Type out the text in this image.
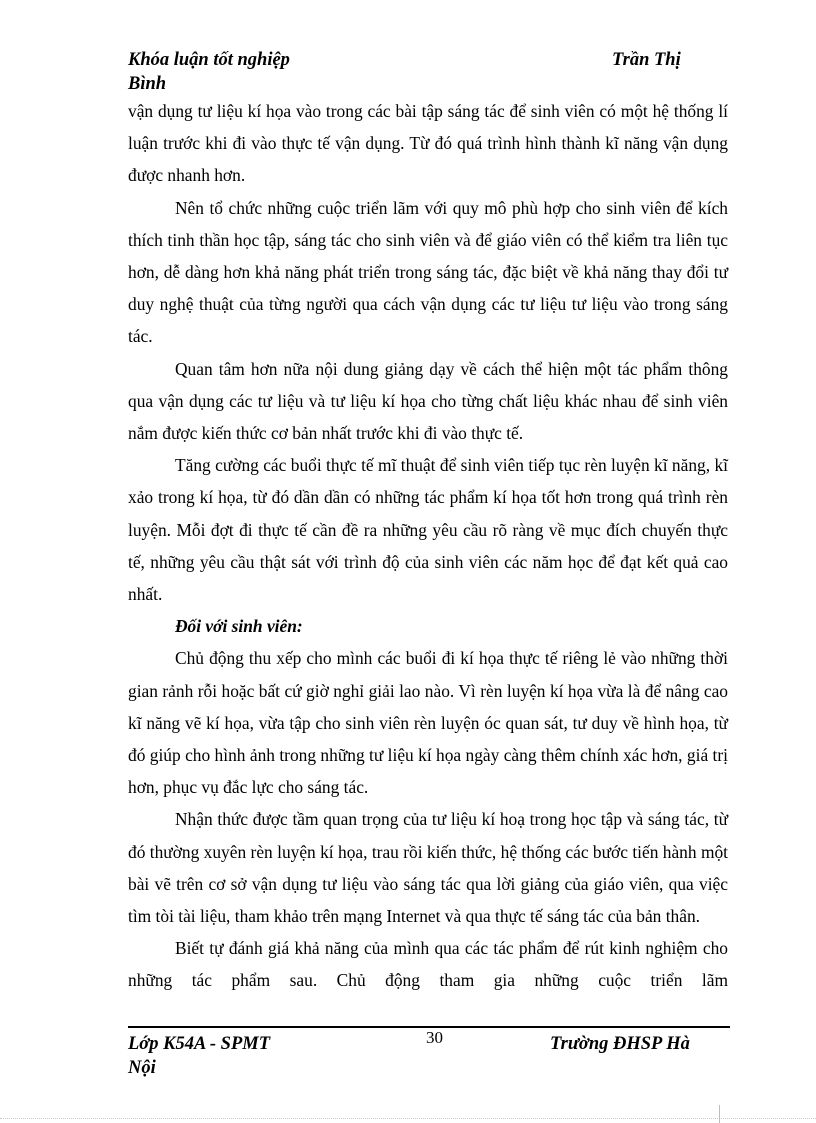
Khóa luận tốt nghiệp	Trần Thị
Bình

vận dụng tư liệu kí họa vào trong các bài tập sáng tác để sinh viên có một hệ thống lí luận trước khi đi vào thực tế vận dụng. Từ đó quá trình hình thành kĩ năng vận dụng được nhanh hơn.

Nên tổ chức những cuộc triển lãm với quy mô phù hợp cho sinh viên để kích thích tinh thần học tập, sáng tác cho sinh viên và để giáo viên có thể kiểm tra liên tục hơn, dễ dàng hơn khả năng phát triển trong sáng tác, đặc biệt về khả năng thay đổi tư duy nghệ thuật của từng người qua cách vận dụng các tư liệu tư liệu vào trong sáng tác.

Quan tâm hơn nữa nội dung giảng dạy về cách thể hiện một tác phẩm thông qua vận dụng các tư liệu và tư liệu kí họa cho từng chất liệu khác nhau để sinh viên nắm được kiến thức cơ bản nhất trước khi đi vào thực tế.

Tăng cường các buổi thực tế mĩ thuật để sinh viên tiếp tục rèn luyện kĩ năng, kĩ xảo trong kí họa, từ đó dần dần có những tác phẩm kí họa tốt hơn trong quá trình rèn luyện. Mỗi đợt đi thực tế cần đề ra những yêu cầu rõ ràng về mục đích chuyến thực tế, những yêu cầu thật sát với trình độ của sinh viên các năm học để đạt kết quả cao nhất.

Đối với sinh viên:

Chủ động thu xếp cho mình các buổi đi kí họa thực tế riêng lẻ vào những thời gian rảnh rỗi hoặc bất cứ giờ nghỉ giải lao nào. Vì rèn luyện kí họa vừa là để nâng cao kĩ năng vẽ kí họa, vừa tập cho sinh viên rèn luyện óc quan sát, tư duy về hình họa, từ đó giúp cho hình ảnh trong những tư liệu kí họa ngày càng thêm chính xác hơn, giá trị hơn, phục vụ đắc lực cho sáng tác.

Nhận thức được tầm quan trọng của tư liệu kí hoạ trong học tập và sáng tác, từ đó thường xuyên rèn luyện kí họa, trau rồi kiến thức, hệ thống các bước tiến hành một bài vẽ trên cơ sở vận dụng tư liệu vào sáng tác qua lời giảng của giáo viên, qua việc tìm tòi tài liệu, tham khảo trên mạng Internet và qua thực tế sáng tác của bản thân.

Biết tự đánh giá khả năng của mình qua các tác phẩm để rút kinh nghiệm cho những tác phẩm sau. Chủ động tham gia những cuộc triển lãm

Lớp K54A - SPMT	30	Trường ĐHSP Hà
Nội
